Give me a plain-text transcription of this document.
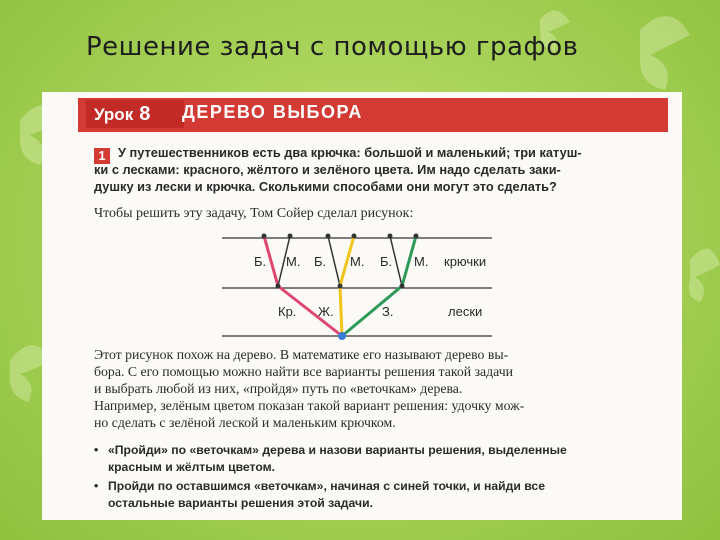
Решение задач с помощью графов
Урок 8	ДЕРЕВО ВЫБОРА
1 У путешественников есть два крючка: большой и маленький; три катуш-
ки с лесками: красного, жёлтого и зелёного цвета. Им надо сделать заки-
душку из лески и крючка. Сколькими способами они могут это сделать?

Чтобы решить эту задачу, Том Сойер сделал рисунок:

Б. М. Б. М. Б. М. крючки
Кр. Ж.	З.	лески

Этот рисунок похож на дерево. В математике его называют дерево вы-
бора. С его помощью можно найти все варианты решения такой задачи
и выбрать любой из них, «пройдя» путь по «веточкам» дерева.
Например, зелёным цветом показан такой вариант решения: удочку мож-
но сделать с зелёной леской и маленьким крючком.

• «Пройди» по «веточкам» дерева и назови варианты решения, выделенные
красным и жёлтым цветом.
• Пройди по оставшимся «веточкам», начиная с синей точки, и найди все
остальные варианты решения этой задачи.
